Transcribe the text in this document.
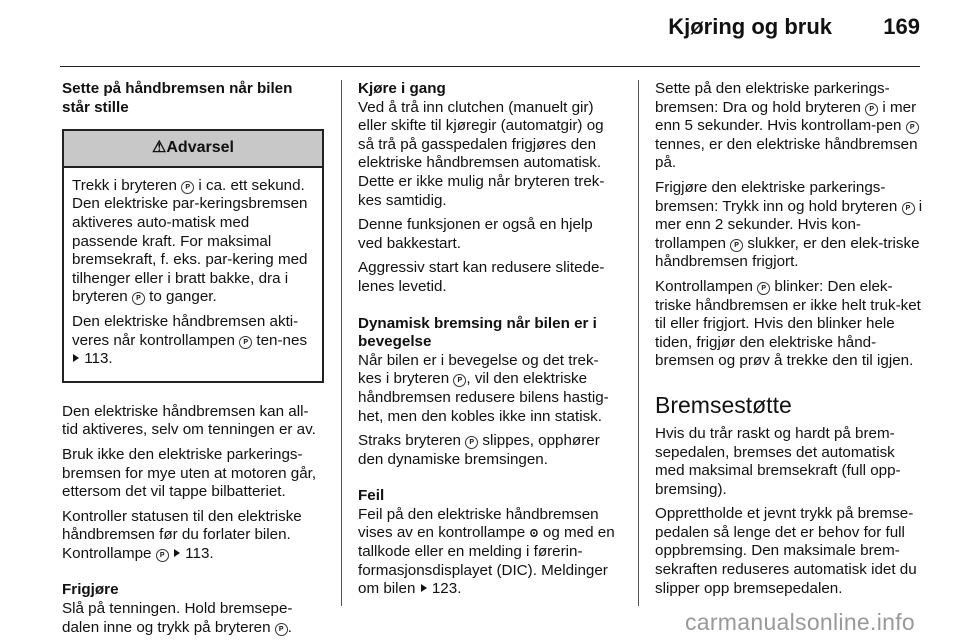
Kjøring og bruk 169
Sette på håndbremsen når bilen står stille
⚠Advarsel

Trekk i bryteren P i ca. ett sekund. Den elektriske par-keringsbremsen aktiveres auto-matisk med passende kraft. For maksimal bremsekraft, f. eks. par-kering med tilhenger eller i bratt bakke, dra i bryteren P to ganger.

Den elektriske håndbremsen akti-veres når kontrollampen P ten-nes  113.

Den elektriske håndbremsen kan all-tid aktiveres, selv om tenningen er av.

Bruk ikke den elektriske parkerings-bremsen for mye uten at motoren går, ettersom det vil tappe bilbatteriet.

Kontroller statusen til den elektriske håndbremsen før du forlater bilen. Kontrollampe P  113.

Frigjøre

Slå på tenningen. Hold bremsepe-dalen inne og trykk på bryteren P .

Kjøre i gang

Ved å trå inn clutchen (manuelt gir) eller skifte til kjøregir (automatgir) og så trå på gasspedalen frigjøres den elektriske håndbremsen automatisk. Dette er ikke mulig når bryteren trek-kes samtidig.

Denne funksjonen er også en hjelp ved bakkestart.

Aggressiv start kan redusere slitede-lenes levetid.

Dynamisk bremsing når bilen er i bevegelse

Når bilen er i bevegelse og det trek-kes i bryteren P , vil den elektriske håndbremsen redusere bilens hastig-het, men den kobles ikke inn statisk.

Straks bryteren P slippes, opphører den dynamiske bremsingen.

Feil

Feil på den elektriske håndbremsen vises av en kontrollampe ꙩ og med en tallkode eller en melding i førerin-formasjonsdisplayet (DIC). Meldinger om bilen  123.

Sette på den elektriske parkerings-bremsen: Dra og hold bryteren P i mer enn 5 sekunder. Hvis kontrollam-pen P tennes, er den elektriske håndbremsen på.

Frigjøre den elektriske parkerings-bremsen: Trykk inn og hold bryteren P i mer enn 2 sekunder. Hvis kon-trollampen P slukker, er den elek-triske håndbremsen frigjort.

Kontrollampen P blinker: Den elek-triske håndbremsen er ikke helt truk-ket til eller frigjort. Hvis den blinker hele tiden, frigjør den elektriske hånd-bremsen og prøv å trekke den til igjen.

Bremsestøtte

Hvis du trår raskt og hardt på brem-sepedalen, bremses det automatisk med maksimal bremsekraft (full opp-bremsing).

Opprettholde et jevnt trykk på bremse-pedalen så lenge det er behov for full oppbremsing. Den maksimale brem-sekraften reduseres automatisk idet du slipper opp bremsepedalen.

carmanualsonline.info
